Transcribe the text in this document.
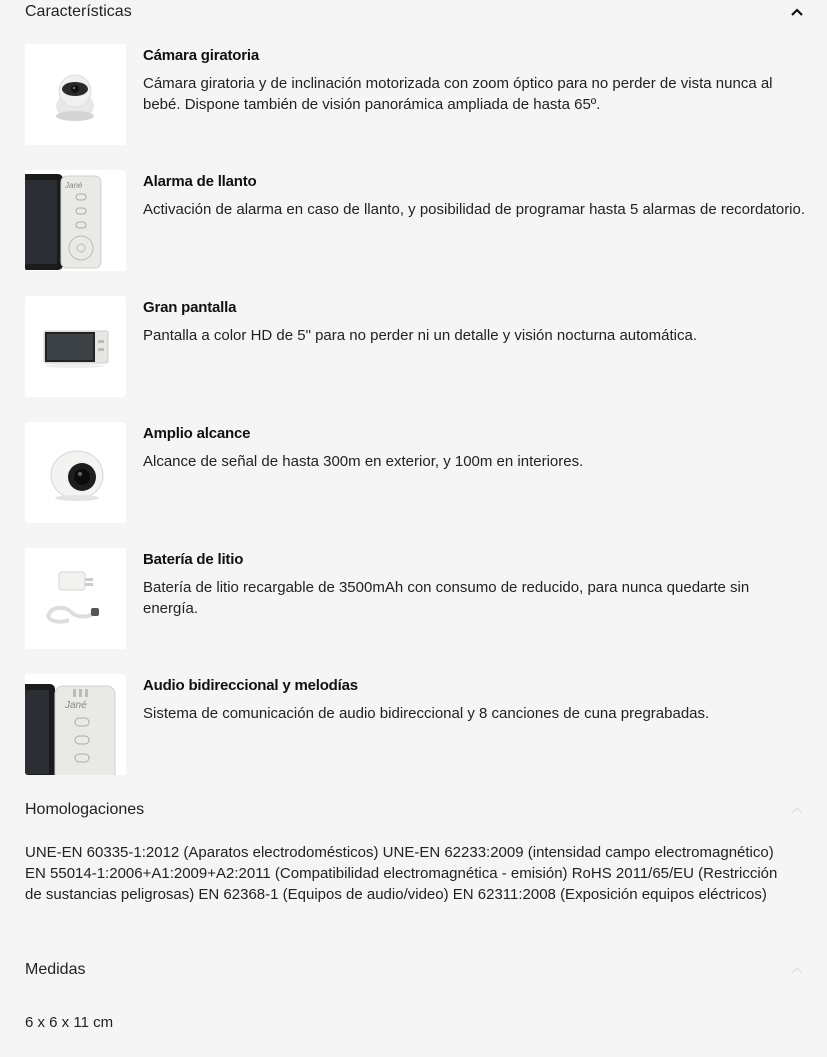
Características

Cámara giratoria

Cámara giratoria y de inclinación motorizada con zoom óptico para no perder de vista nunca al bebé. Dispone también de visión panorámica ampliada de hasta 65º.

Jané	Alarma de llanto

Activación de alarma en caso de llanto, y posibilidad de programar hasta 5 alarmas de recordatorio.

Gran pantalla

Pantalla a color HD de 5" para no perder ni un detalle y visión nocturna automática.

Amplio alcance

Alcance de señal de hasta 300m en exterior, y 100m en interiores.

Batería de litio

Batería de litio recargable de 3500mAh con consumo de reducido, para nunca quedarte sin energía.

Jané

Audio bidireccional y melodías

Sistema de comunicación de audio bidireccional y 8 canciones de cuna pregrabadas.

Homologaciones
UNE-EN 60335-1:2012 (Aparatos electrodomésticos) UNE-EN 62233:2009 (intensidad campo electromagnético) EN 55014-1:2006+A1:2009+A2:2011 (Compatibilidad electromagnética - emisión) RoHS 2011/65/EU (Restricción de sustancias peligrosas) EN 62368-1 (Equipos de audio/video) EN 62311:2008 (Exposición equipos eléctricos)
Medidas
6 x 6 x 11 cm
